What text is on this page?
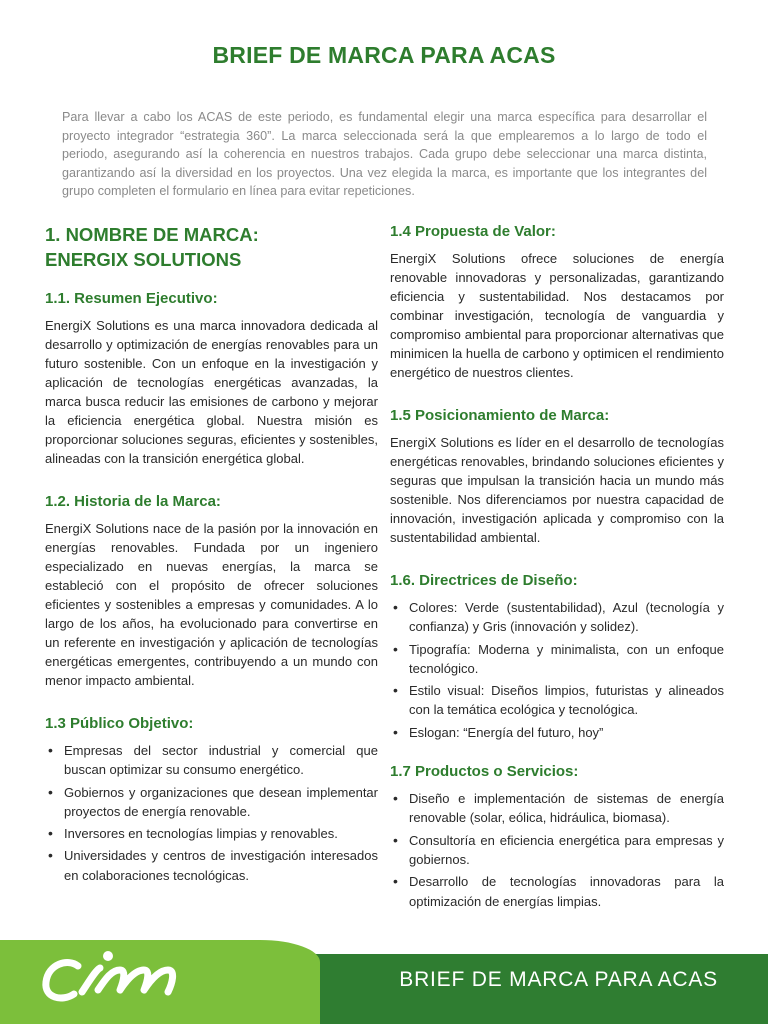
BRIEF DE MARCA PARA ACAS
Para llevar a cabo los ACAS de este periodo, es fundamental elegir una marca específica para desarrollar el proyecto integrador “estrategia 360”. La marca seleccionada será la que emplearemos a lo largo de todo el periodo, asegurando así la coherencia en nuestros trabajos. Cada grupo debe seleccionar una marca distinta, garantizando así la diversidad en los proyectos. Una vez elegida la marca, es importante que los integrantes del grupo completen el formulario en línea para evitar repeticiones.
1. NOMBRE DE MARCA:
ENERGIX SOLUTIONS
1.1. Resumen Ejecutivo:
EnergiX Solutions es una marca innovadora dedicada al desarrollo y optimización de energías renovables para un futuro sostenible. Con un enfoque en la investigación y aplicación de tecnologías energéticas avanzadas, la marca busca reducir las emisiones de carbono y mejorar la eficiencia energética global. Nuestra misión es proporcionar soluciones seguras, eficientes y sostenibles, alineadas con la transición energética global.
1.2. Historia de la Marca:
EnergiX Solutions nace de la pasión por la innovación en energías renovables. Fundada por un ingeniero especializado en nuevas energías, la marca se estableció con el propósito de ofrecer soluciones eficientes y sostenibles a empresas y comunidades. A lo largo de los años, ha evolucionado para convertirse en un referente en investigación y aplicación de tecnologías energéticas emergentes, contribuyendo a un mundo con menor impacto ambiental.
1.3 Público Objetivo:
• Empresas del sector industrial y comercial que buscan optimizar su consumo energético.
• Gobiernos y organizaciones que desean implementar proyectos de energía renovable.
• Inversores en tecnologías limpias y renovables.
• Universidades y centros de investigación interesados en colaboraciones tecnológicas.
1.4 Propuesta de Valor:
EnergiX Solutions ofrece soluciones de energía renovable innovadoras y personalizadas, garantizando eficiencia y sustentabilidad. Nos destacamos por combinar investigación, tecnología de vanguardia y compromiso ambiental para proporcionar alternativas que minimicen la huella de carbono y optimicen el rendimiento energético de nuestros clientes.
1.5 Posicionamiento de Marca:
EnergiX Solutions es líder en el desarrollo de tecnologías energéticas renovables, brindando soluciones eficientes y seguras que impulsan la transición hacia un mundo más sostenible. Nos diferenciamos por nuestra capacidad de innovación, investigación aplicada y compromiso con la sustentabilidad ambiental.
1.6. Directrices de Diseño:
• Colores: Verde (sustentabilidad), Azul (tecnología y confianza) y Gris (innovación y solidez).
• Tipografía: Moderna y minimalista, con un enfoque tecnológico.
• Estilo visual: Diseños limpios, futuristas y alineados con la temática ecológica y tecnológica.
• Eslogan: “Energía del futuro, hoy”
1.7 Productos o Servicios:
• Diseño e implementación de sistemas de energía renovable (solar, eólica, hidráulica, biomasa).
• Consultoría en eficiencia energética para empresas y gobiernos.
• Desarrollo de tecnologías innovadoras para la optimización de energías limpias.
BRIEF DE MARCA PARA ACAS
